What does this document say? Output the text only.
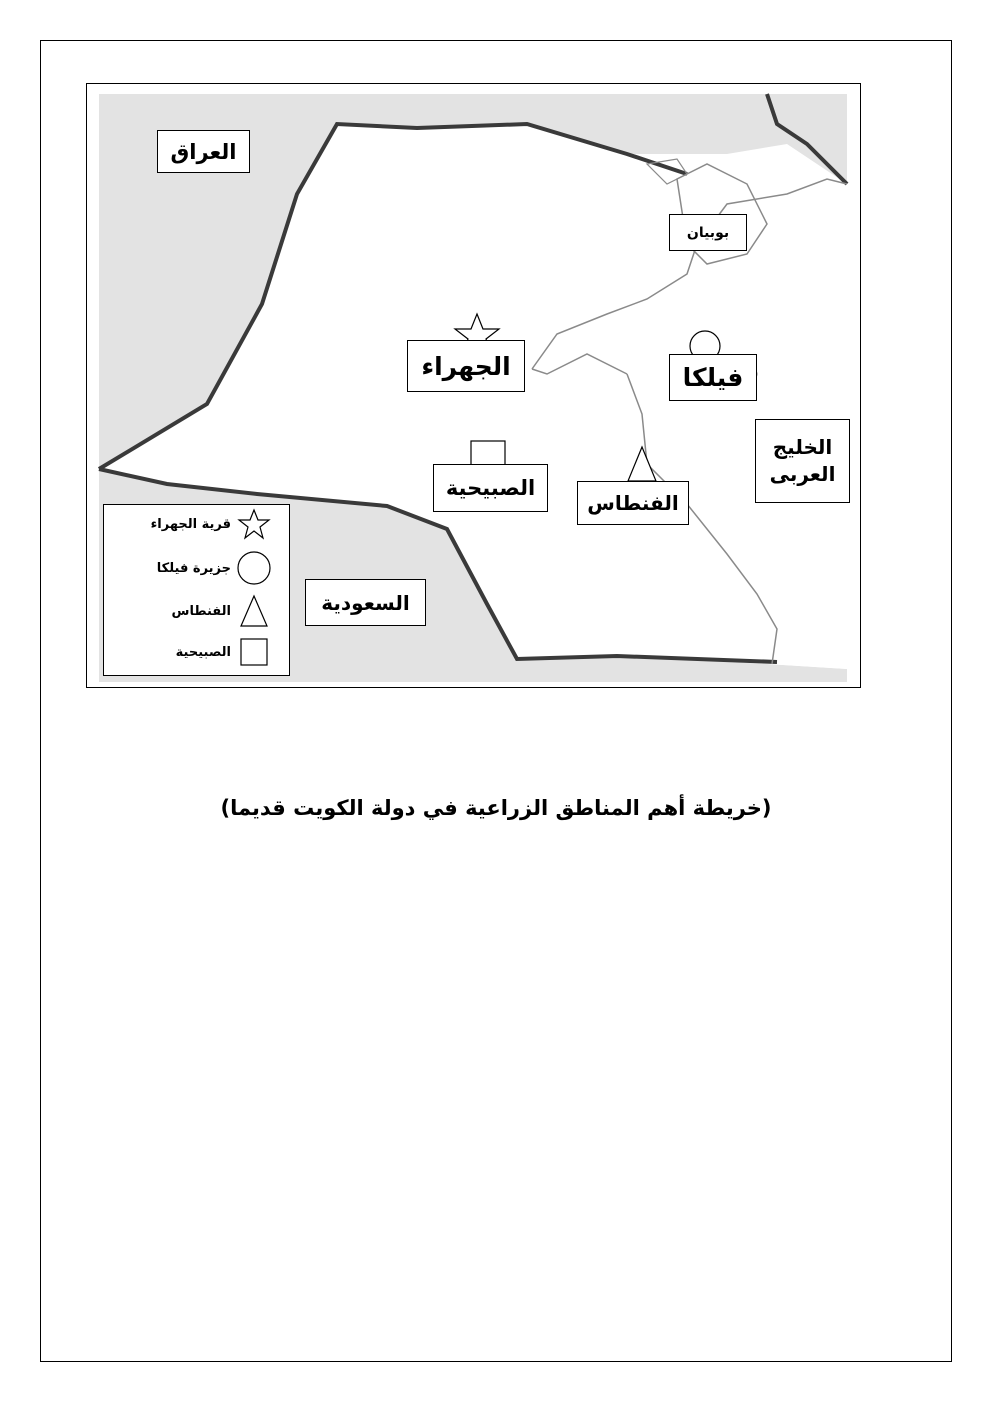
العراق
بوبيان
الجهراء	فيلكا
الخليج
العربى
الصبيحية
الفنطاس
السعودية
قرية الجهراء
جزيرة فيلكا
الفنطاس
الصبيحية
(خريطة أهم المناطق الزراعية في دولة الكويت قديما)
